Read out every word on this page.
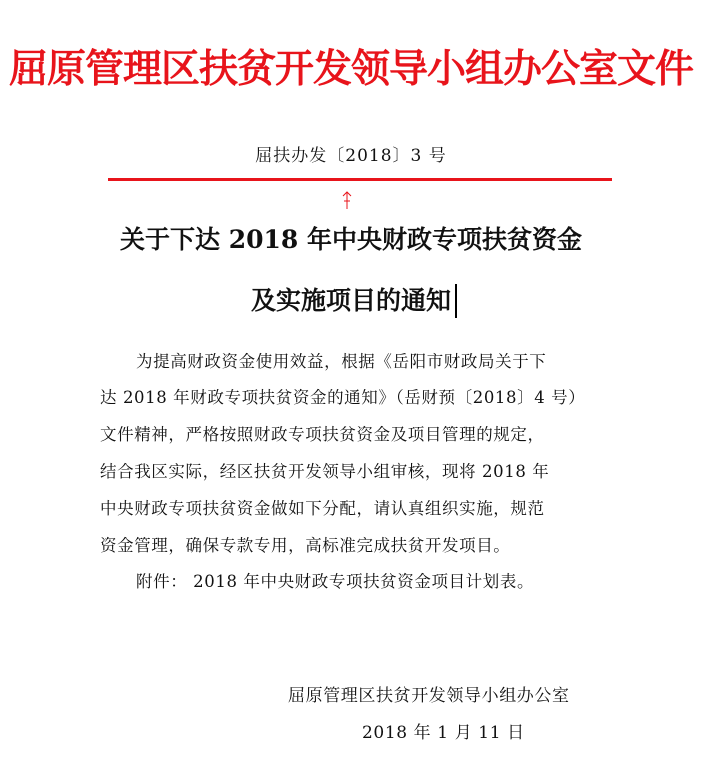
屈原管理区扶贫开发领导小组办公室文件
屈扶办发〔2018〕3 号
关于下达 2018 年中央财政专项扶贫资金
及实施项目的通知
为提高财政资金使用效益，根据《岳阳市财政局关于下
达 2018 年财政专项扶贫资金的通知》（岳财预〔2018〕4 号）
文件精神，严格按照财政专项扶贫资金及项目管理的规定，
结合我区实际，经区扶贫开发领导小组审核，现将 2018 年
中央财政专项扶贫资金做如下分配，请认真组织实施，规范
资金管理，确保专款专用，高标准完成扶贫开发项目。
附件： 2018 年中央财政专项扶贫资金项目计划表。
屈原管理区扶贫开发领导小组办公室
2018 年 1 月 11 日
